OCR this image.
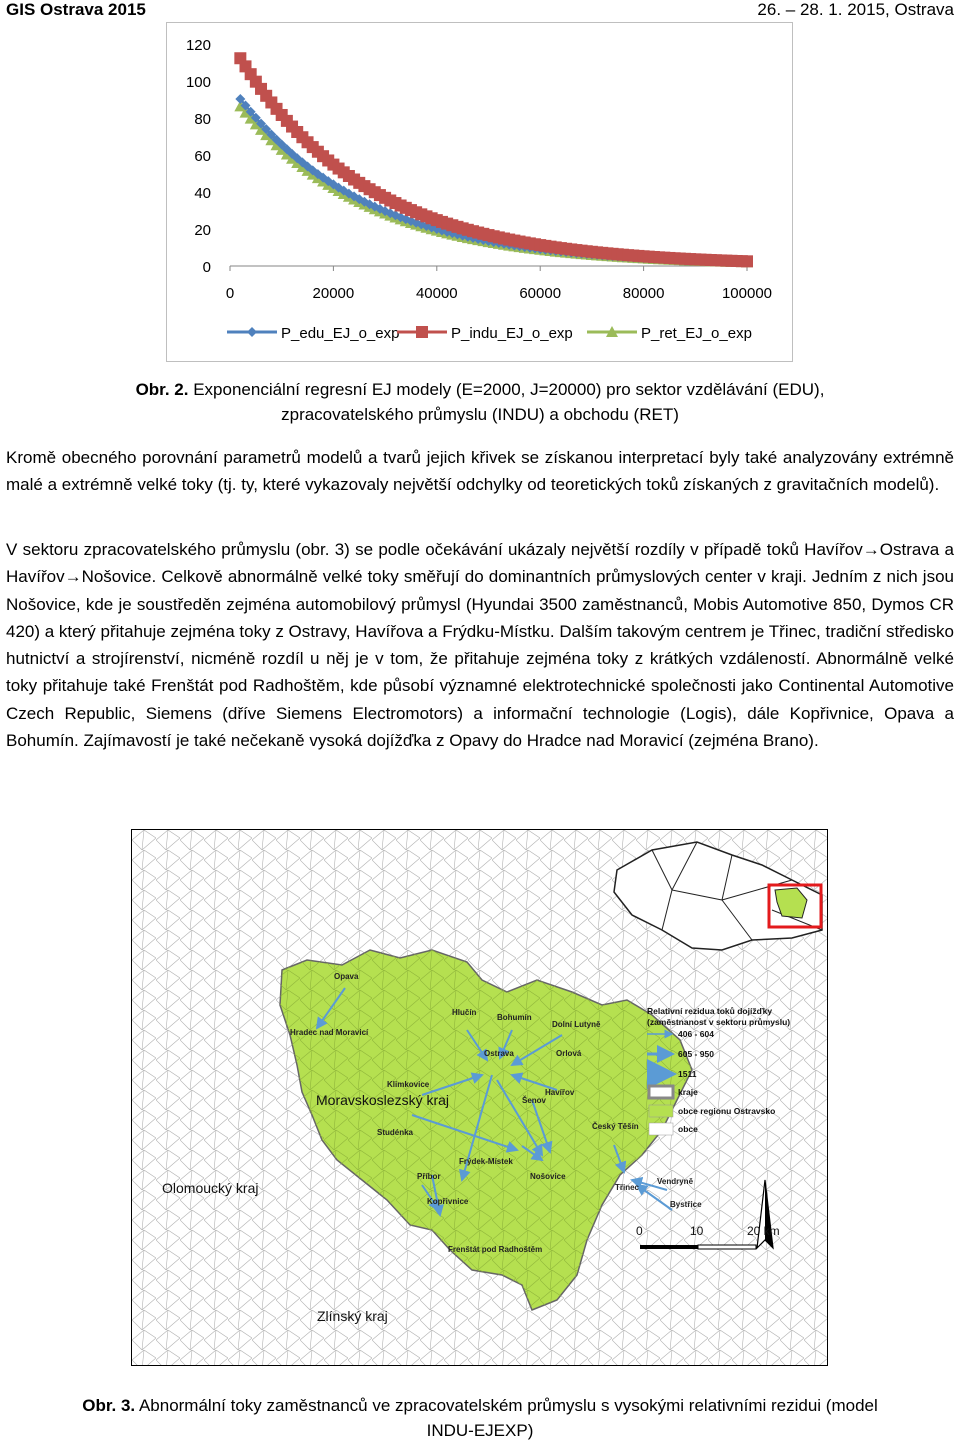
GIS Ostrava 2015	26. – 28. 1. 2015, Ostrava
120
100
80
60
40
20
0
0	20000	40000	60000	80000	100000
P_edu_EJ_o_exp	P_indu_EJ_o_exp	P_ret_EJ_o_exp
Obr. 2. Exponenciální regresní EJ modely (E=2000, J=20000) pro sektor vzdělávání (EDU),
zpracovatelského průmyslu (INDU) a obchodu (RET)
Kromě obecného porovnání parametrů modelů a tvarů jejich křivek se získanou interpretací byly také analyzovány extrémně malé a extrémně velké toky (tj. ty, které vykazovaly největší odchylky od teoretických toků získaných z gravitačních modelů).
V sektoru zpracovatelského průmyslu (obr. 3) se podle očekávání ukázaly největší rozdíly v případě toků Havířov→Ostrava a Havířov→Nošovice. Celkově abnormálně velké toky směřují do dominantních průmyslových center v kraji. Jedním z nich jsou Nošovice, kde je soustředěn zejména automobilový průmysl (Hyundai 3500 zaměstnanců, Mobis Automotive 850, Dymos CR 420) a který přitahuje zejména toky z Ostravy, Havířova a Frýdku-Místku. Dalším takovým centrem je Třinec, tradiční středisko hutnictví a strojírenství, nicméně rozdíl u něj je v tom, že přitahuje zejména toky z krátkých vzdáleností. Abnormálně velké toky přitahuje také Frenštát pod Radhoštěm, kde působí významné elektrotechnické společnosti jako Continental Automotive Czech Republic, Siemens (dříve Siemens Electromotors) a informační technologie (Logis), dále Kopřivnice, Opava a Bohumín. Zajímavostí je také nečekaně vysoká dojížďka z Opavy do Hradce nad Moravicí (zejména Brano).
Moravskoslezský kraj
Olomoucký kraj
Zlínský kraj
Opava
Hradec nad Moravicí
Hlučín
Bohumín
Dolní Lutyně
Ostrava	Orlová
Klimkovice
Havířov
Šenov
Studénka
Český Těšín
Frýdek-Místek
Příbor	Nošovice
Kopřivnice
Třinec
Vendryně
Bystřice
Frenštát pod Radhoštěm
Relativní rezidua toků dojížďky (zaměstnanost v sektoru průmyslu)
406 - 604
605 - 950
1511
kraje
obce regionu Ostravsko
obce
0	10	20 km
Obr. 3. Abnormální toky zaměstnanců ve zpracovatelském průmyslu s vysokými relativními rezidui (model
INDU-EJEXP)
